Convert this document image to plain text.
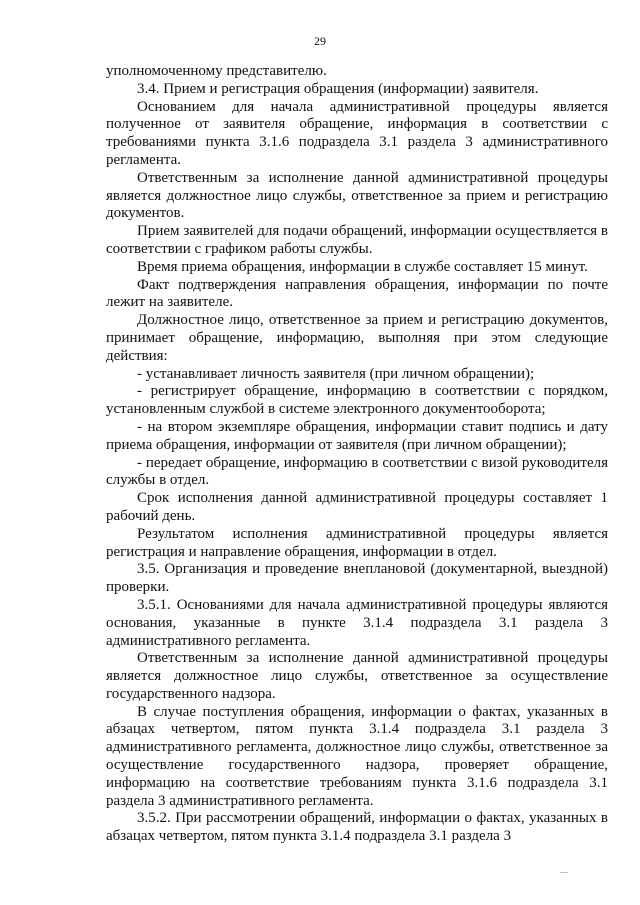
29

уполномоченному представителю.

3.4. Прием и регистрация обращения (информации) заявителя.

Основанием для начала административной процедуры является полученное от заявителя обращение, информация в соответствии с требованиями пункта 3.1.6 подраздела 3.1 раздела 3 административного регламента.

Ответственным за исполнение данной административной процедуры является должностное лицо службы, ответственное за прием и регистрацию документов.

Прием заявителей для подачи обращений, информации осуществляется в соответствии с графиком работы службы.

Время приема обращения, информации в службе составляет 15 минут.

Факт подтверждения направления обращения, информации по почте лежит на заявителе.

Должностное лицо, ответственное за прием и регистрацию документов, принимает обращение, информацию, выполняя при этом следующие действия:

- устанавливает личность заявителя (при личном обращении);

- регистрирует обращение, информацию в соответствии с порядком, установленным службой в системе электронного документооборота;

- на втором экземпляре обращения, информации ставит подпись и дату приема обращения, информации от заявителя (при личном обращении);

- передает обращение, информацию в соответствии с визой руководителя службы в отдел.

Срок исполнения данной административной процедуры составляет 1 рабочий день.

Результатом исполнения административной процедуры является регистрация и направление обращения, информации в отдел.

3.5. Организация и проведение внеплановой (документарной, выездной) проверки.

3.5.1. Основаниями для начала административной процедуры являются основания, указанные в пункте 3.1.4 подраздела 3.1 раздела 3 административного регламента.

Ответственным за исполнение данной административной процедуры является должностное лицо службы, ответственное за осуществление государственного надзора.

В случае поступления обращения, информации о фактах, указанных в абзацах четвертом, пятом пункта 3.1.4 подраздела 3.1 раздела 3 административного регламента, должностное лицо службы, ответственное за осуществление государственного надзора, проверяет обращение, информацию на соответствие требованиям пункта 3.1.6 подраздела 3.1 раздела 3 административного регламента.

3.5.2. При рассмотрении обращений, информации о фактах, указанных в абзацах четвертом, пятом пункта 3.1.4 подраздела 3.1 раздела 3
